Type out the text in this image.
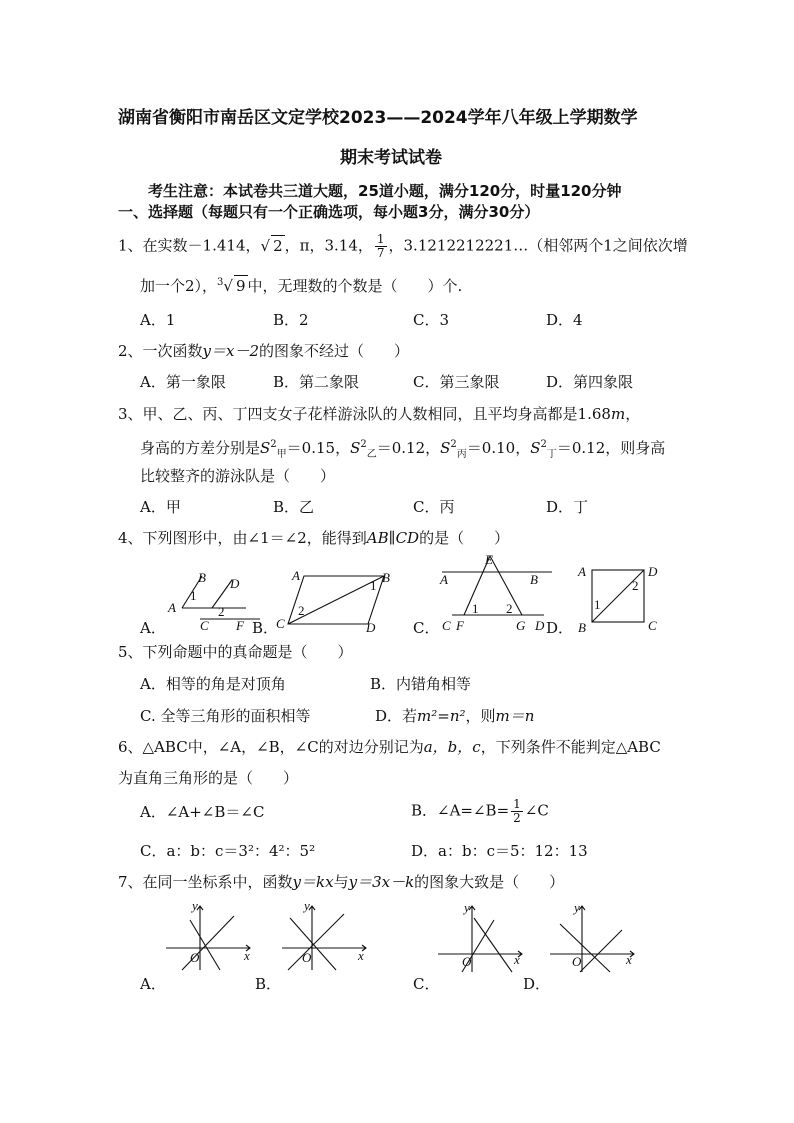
湖南省衡阳市南岳区文定学校2023——2024学年八年级上学期数学
期末考试试卷
考生注意：本试卷共三道大题，25道小题，满分120分，时量120分钟
一、选择题（每题只有一个正确选项，每小题3分，满分30分）
1、在实数－1.414，√ 2 ，π，3.14， $\frac{1}{7}$ ，3.1212212221…（相邻两个1之间依次增
加一个2），$^3$√ 9 中，无理数的个数是（　　）个.
A．1	B．2	C．3	D．4
2、一次函数y＝x－2的图象不经过（　　）
A．第一象限	B．第二象限	C．第三象限	D．第四象限
3、甲、乙、丙、丁四支女子花样游泳队的人数相同，且平均身高都是1.68m，
身高的方差分别是$S^2_甲=0.15$，$S^2_乙=0.12$，$S^2_丙=0.10$，$S^2_丁=0.12$，则身高
比较整齐的游泳队是（　　）
A．甲	B．乙	C．丙	D．丁
4、下列图形中，由∠1＝∠2，能得到AB∥CD的是（　　）
B D
A
1
2
C F
A．	B．
A	B
C	D
1
2
E
A	B
C F	G D
1 2
C．	D．
A	D
B	C
1
2
5、下列命题中的真命题是（　　）
A．相等的角是对顶角	B．内错角相等
C. 全等三角形的面积相等	D．若m²=n²，则m＝n
6、△ABC中，∠A，∠B，∠C的对边分别记为a，b，c，下列条件不能判定△ABC
为直角三角形的是（　　）
A．∠A+∠B＝∠C	B．∠A=∠B= $\frac{1}{2}$ ∠C
C．a：b：c＝3²：4²：5²	D．a：b：c＝5：12：13
7、在同一坐标系中，函数y＝kx与y＝3x－k的图象大致是（　　）
y
x
O
y
x
O
y
x
O
y
x
O
A．	B．	C．	D．
